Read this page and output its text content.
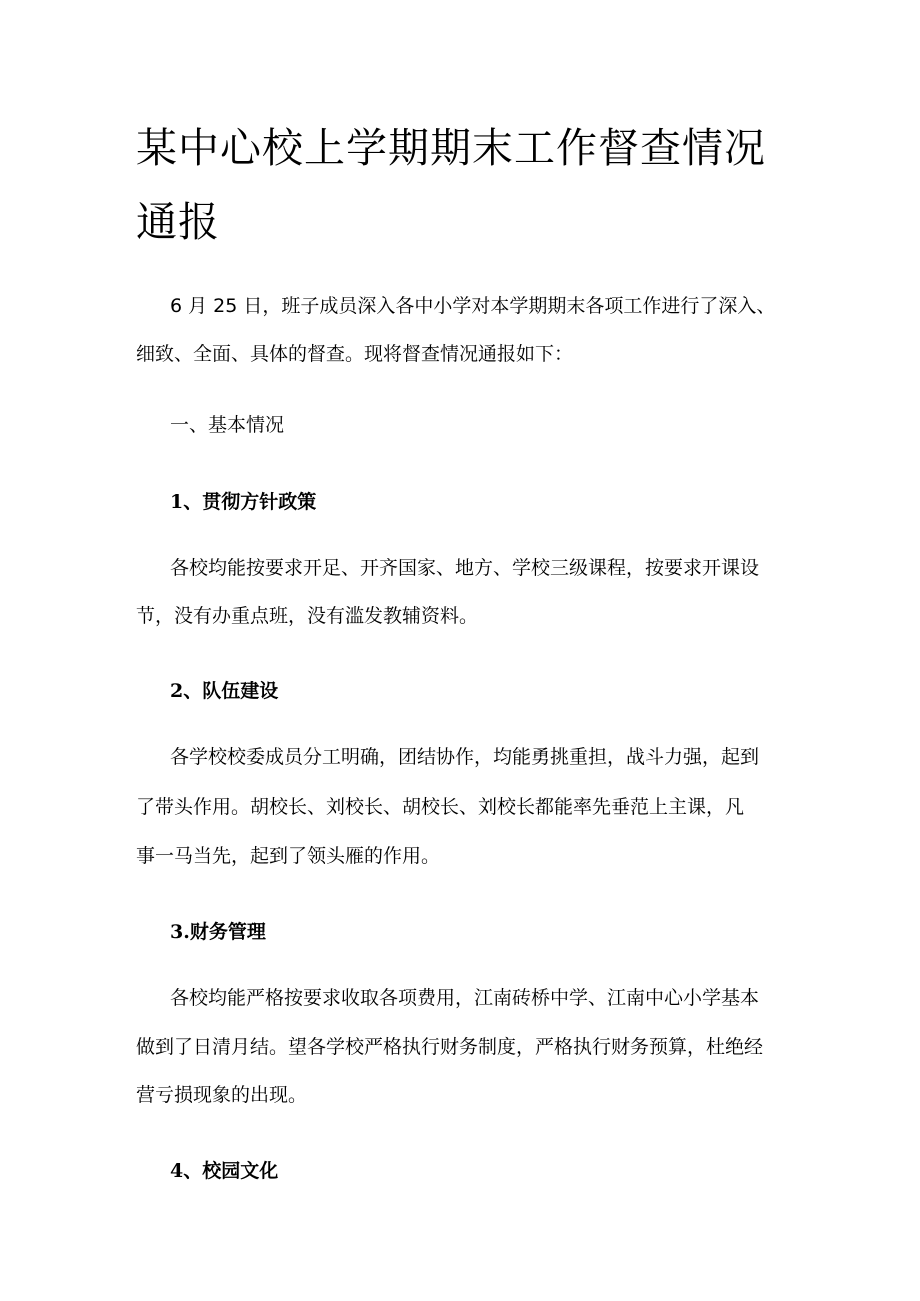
某中心校上学期期末工作督查情况
通报

6 月 25 日，班子成员深入各中小学对本学期期末各项工作进行了深入、

细致、全面、具体的督查。现将督查情况通报如下：

一、基本情况

1、贯彻方针政策

各校均能按要求开足、开齐国家、地方、学校三级课程，按要求开课设

节，没有办重点班，没有滥发教辅资料。

2、队伍建设

各学校校委成员分工明确，团结协作，均能勇挑重担，战斗力强，起到

了带头作用。胡校长、刘校长、胡校长、刘校长都能率先垂范上主课，凡

事一马当先，起到了领头雁的作用。

3.财务管理

各校均能严格按要求收取各项费用，江南砖桥中学、江南中心小学基本

做到了日清月结。望各学校严格执行财务制度，严格执行财务预算，杜绝经

营亏损现象的出现。

4、校园文化
